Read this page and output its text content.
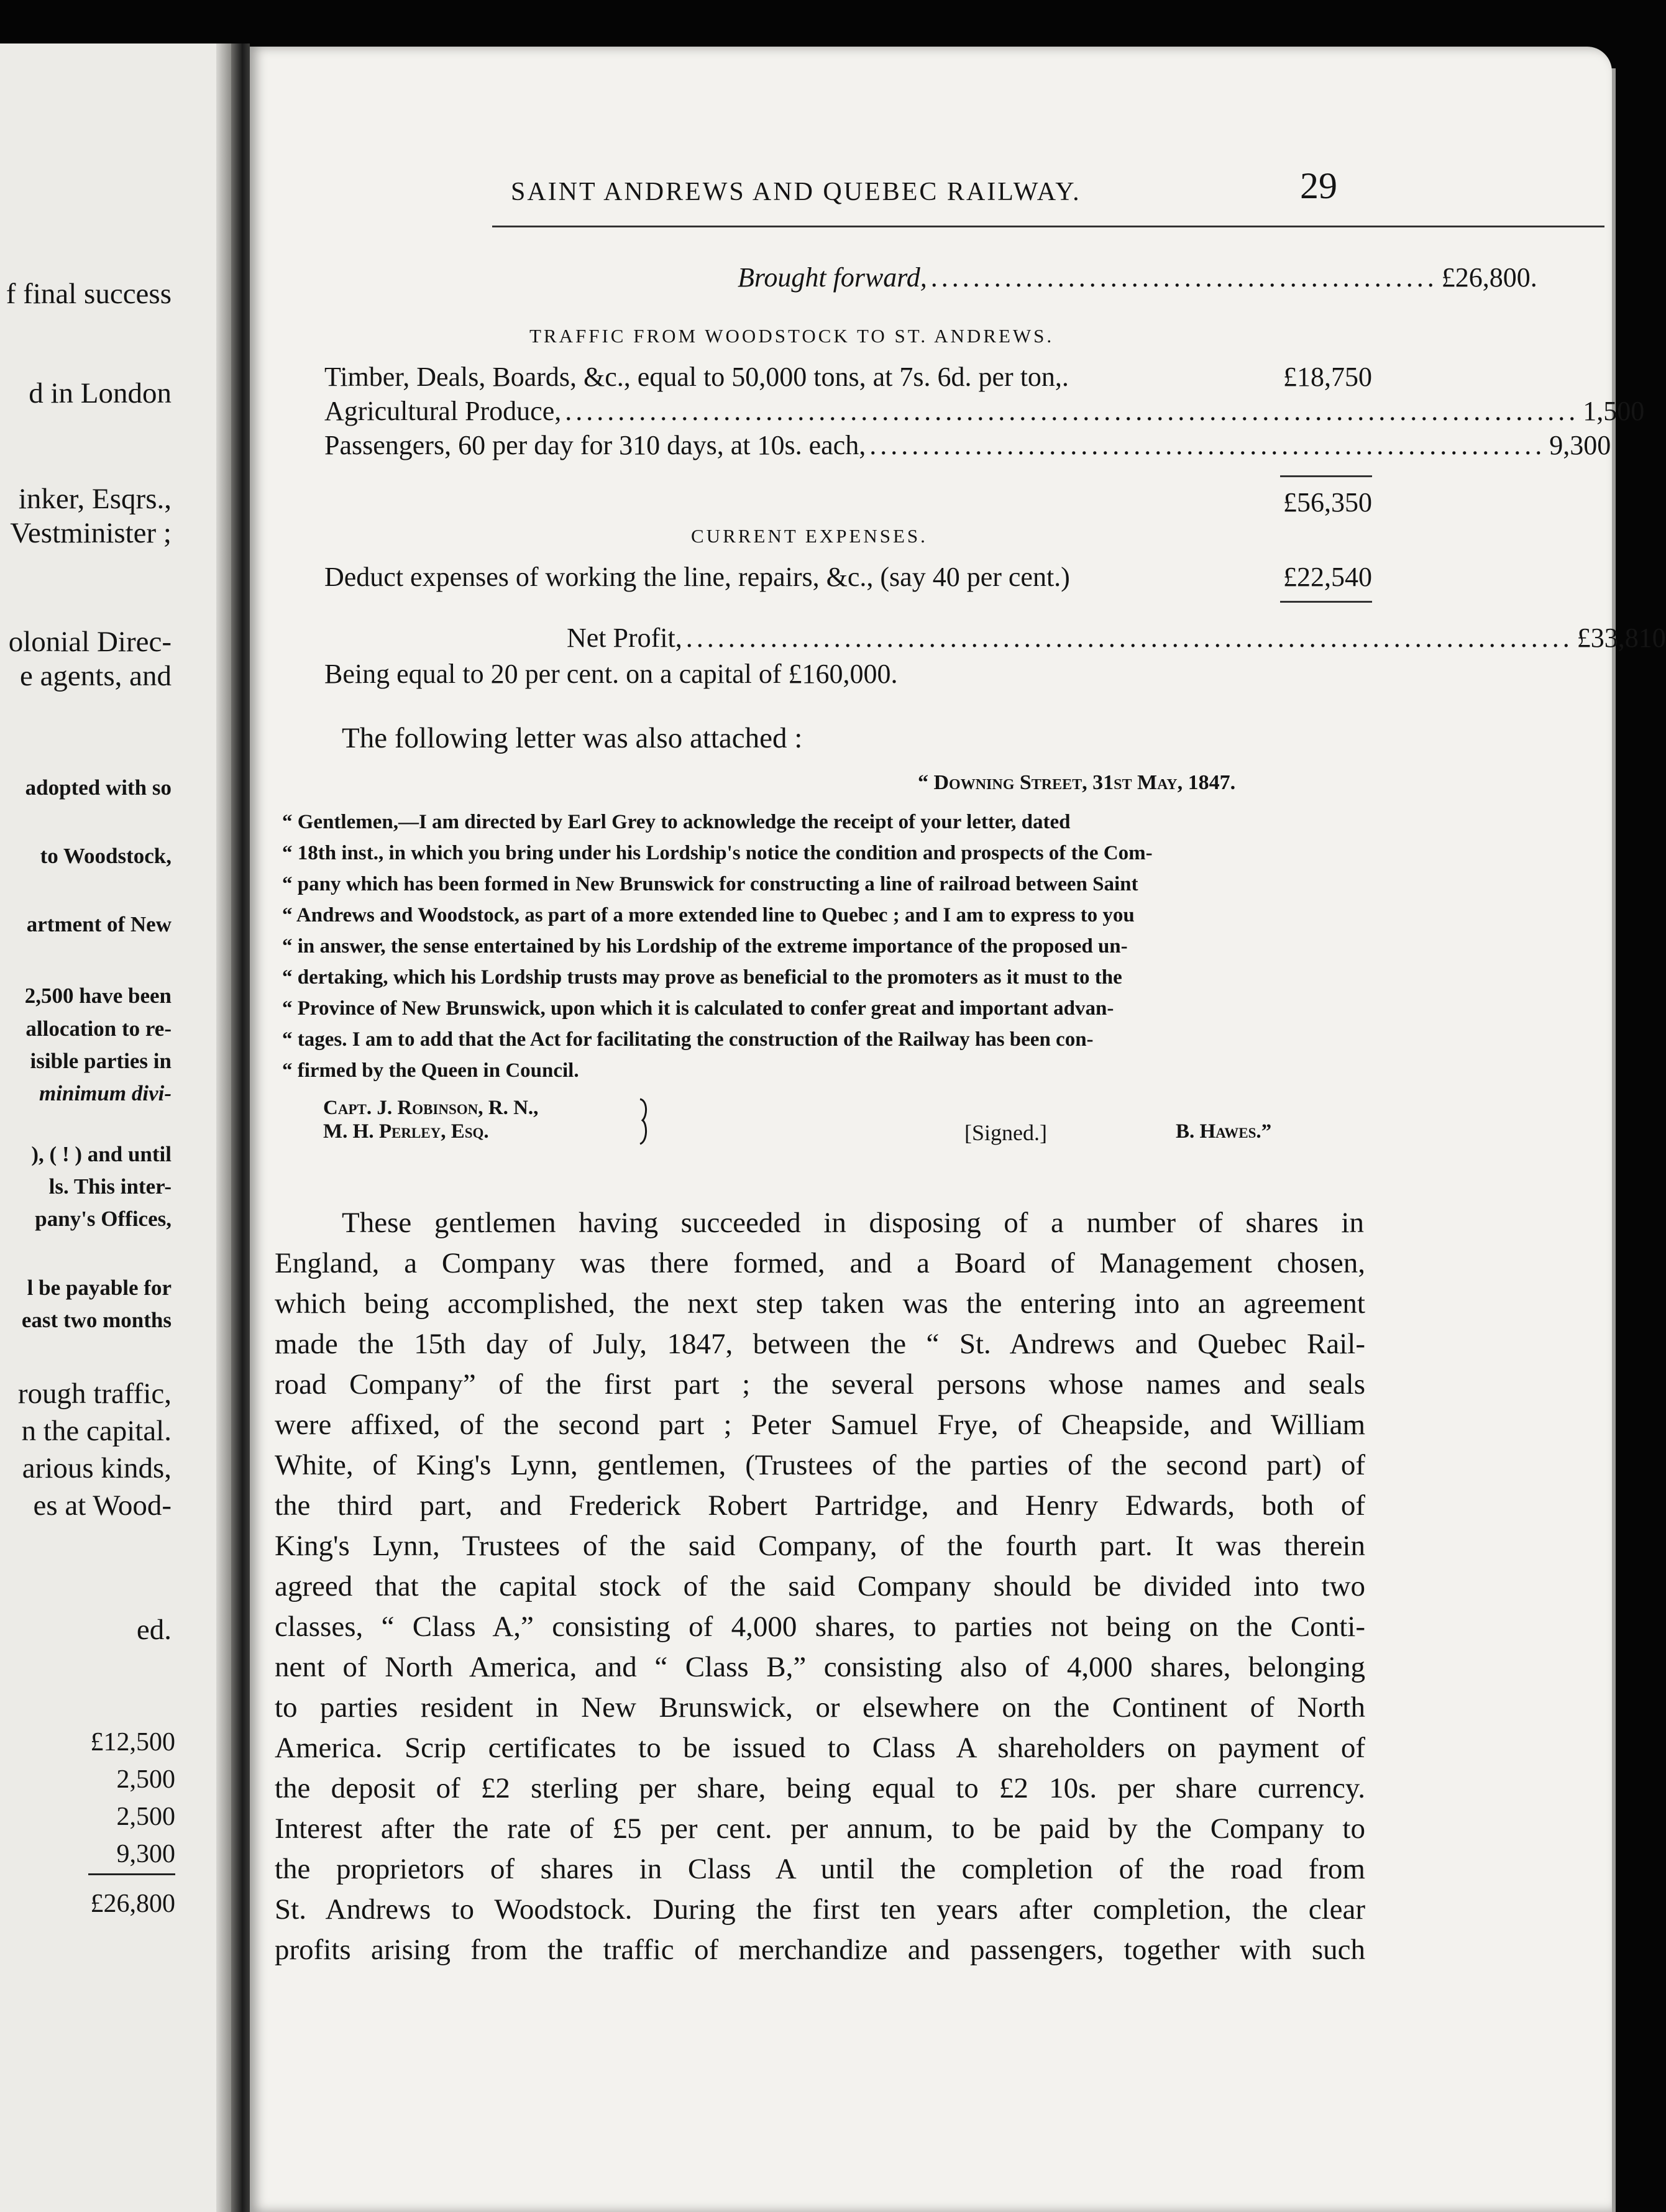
f final success
d in London
inker, Esqrs.,
Vestminister ;
olonial Direc-
e agents, and
adopted with so
to Woodstock,
artment of New
2,500 have been
allocation to re-
isible parties in
minimum divi-
), ( ! ) and until
ls. This inter-
pany's Offices,
l be payable for
east two months
rough traffic,
n the capital.
arious kinds,
es at Wood-
ed.
£12,500
2,500
2,500
9,300
£26,800
SAINT ANDREWS AND QUEBEC RAILWAY.	29
Brought forward, ................................................ £26,800.
TRAFFIC FROM WOODSTOCK TO ST. ANDREWS.
Timber, Deals, Boards, &c., equal to 50,000 tons, at 7s. 6d. per ton,.	£18,750
Agricultural Produce, ................................................................................................ 1,500
Passengers, 60 per day for 310 days, at 10s. each, ................................................................ 9,300
£56,350
CURRENT EXPENSES.
Deduct expenses of working the line, repairs, &c., (say 40 per cent.)	£22,540
Net Profit, .................................................................................... £33,810
Being equal to 20 per cent. on a capital of £160,000.
The following letter was also attached :
“ Downing Street, 31st May, 1847.
“ Gentlemen,—I am directed by Earl Grey to acknowledge the receipt of your letter, dated
“ 18th inst., in which you bring under his Lordship's notice the condition and prospects of the Com-
“ pany which has been formed in New Brunswick for constructing a line of railroad between Saint
“ Andrews and Woodstock, as part of a more extended line to Quebec ; and I am to express to you
“ in answer, the sense entertained by his Lordship of the extreme importance of the proposed un-
“ dertaking, which his Lordship trusts may prove as beneficial to the promoters as it must to the
“ Province of New Brunswick, upon which it is calculated to confer great and important advan-
“ tages. I am to add that the Act for facilitating the construction of the Railway has been con-
“ firmed by the Queen in Council.
Capt. J. Robinson, R. N.,
M. H. Perley, Esq.	[Signed.]	B. Hawes.”
These gentlemen having succeeded in disposing of a number of shares in
England, a Company was there formed, and a Board of Management chosen,
which being accomplished, the next step taken was the entering into an agreement
made the 15th day of July, 1847, between the “ St. Andrews and Quebec Rail-
road Company” of the first part ; the several persons whose names and seals
were affixed, of the second part ; Peter Samuel Frye, of Cheapside, and William
White, of King's Lynn, gentlemen, (Trustees of the parties of the second part) of
the third part, and Frederick Robert Partridge, and Henry Edwards, both of
King's Lynn, Trustees of the said Company, of the fourth part. It was therein
agreed that the capital stock of the said Company should be divided into two
classes, “ Class A,” consisting of 4,000 shares, to parties not being on the Conti-
nent of North America, and “ Class B,” consisting also of 4,000 shares, belonging
to parties resident in New Brunswick, or elsewhere on the Continent of North
America. Scrip certificates to be issued to Class A shareholders on payment of
the deposit of £2 sterling per share, being equal to £2 10s. per share currency.
Interest after the rate of £5 per cent. per annum, to be paid by the Company to
the proprietors of shares in Class A until the completion of the road from
St. Andrews to Woodstock. During the first ten years after completion, the clear
profits arising from the traffic of merchandize and passengers, together with such
